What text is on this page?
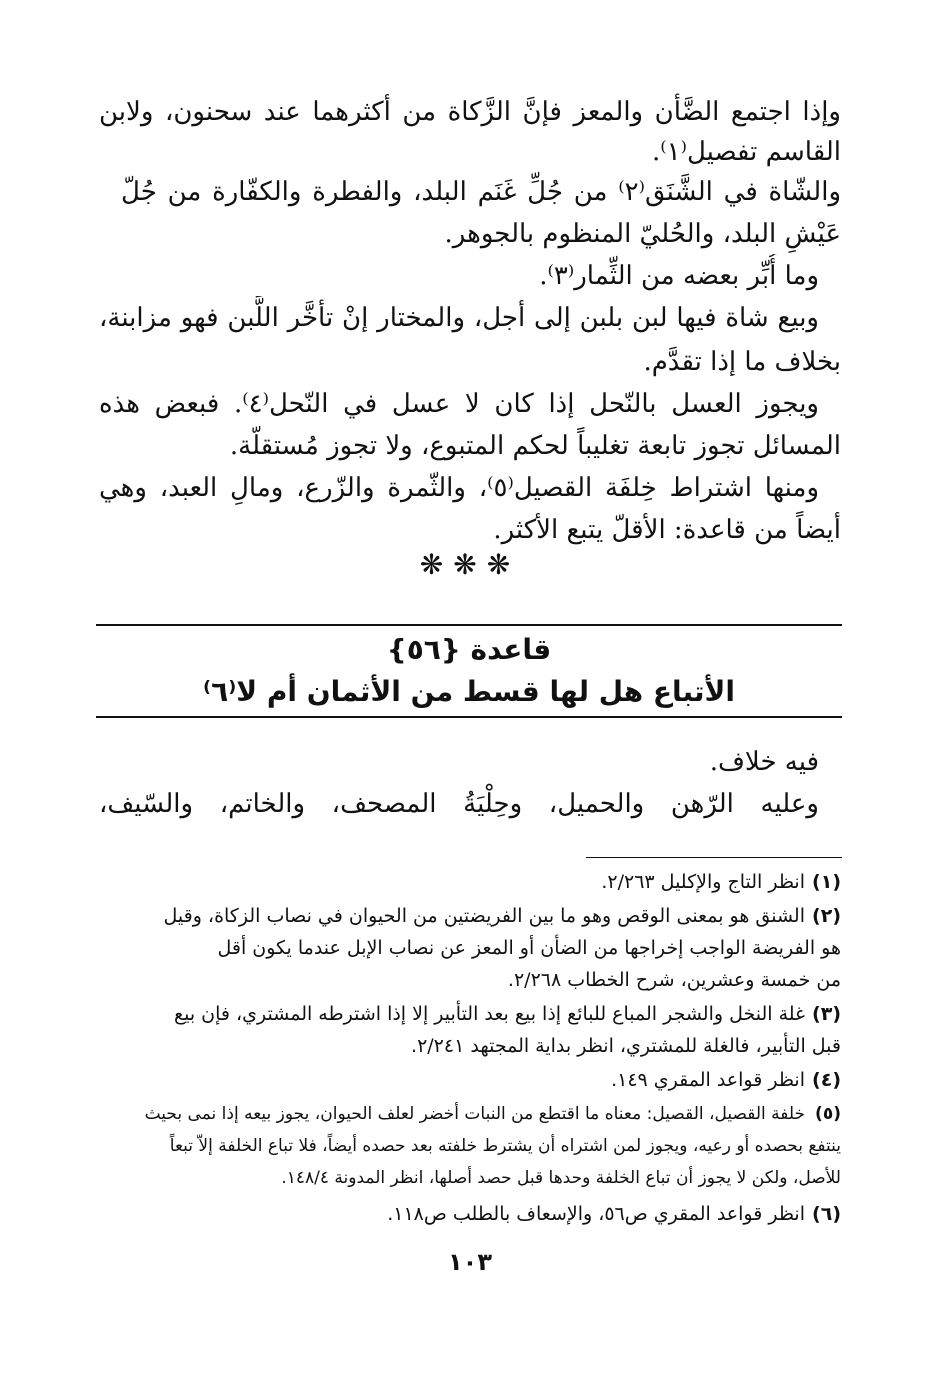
وإذا اجتمع الضَّأن والمعز فإنَّ الزَّكاة من أكثرهما عند سحنون، ولابن
القاسم تفصيل⁽١⁾.
والشّاة في الشَّنَق⁽٢⁾ من جُلِّ غَنَم البلد، والفطرة والكفّارة من جُلّ
عَيْشِ البلد، والحُليّ المنظوم بالجوهر.
وما أُبِّر بعضه من الثِّمار⁽٣⁾.
وبيع شاة فيها لبن بلبن إلى أجل، والمختار إنْ تأخَّر اللَّبن فهو مزابنة،
بخلاف ما إذا تقدَّم.
ويجوز العسل بالنّحل إذا كان لا عسل في النّحل⁽٤⁾. فبعض هذه
المسائل تجوز تابعة تغليباً لحكم المتبوع، ولا تجوز مُستقلّة.
ومنها اشتراط خِلفَة القصيل⁽٥⁾، والثّمرة والزّرع، ومالِ العبد، وهي
أيضاً من قاعدة: الأقلّ يتبع الأكثر.
❋❋❋
قاعدة {٥٦}
الأتباع هل لها قسط من الأثمان أم لا⁽٦⁾
فيه خلاف.
وعليه الرّهن والحميل، وحِلْيَةُ المصحف، والخاتم، والسّيف،
(١)انظر التاج والإكليل ٢/٢٦٣.
(٢)الشنق هو بمعنى الوقص وهو ما بين الفريضتين من الحيوان في نصاب الزكاة، وقيل
هو الفريضة الواجب إخراجها من الضأن أو المعز عن نصاب الإبل عندما يكون أقل
من خمسة وعشرين، شرح الخطاب ٢/٢٦٨.
(٣)غلة النخل والشجر المباع للبائع إذا بيع بعد التأبير إلا إذا اشترطه المشتري، فإن بيع
قبل التأبير، فالغلة للمشتري، انظر بداية المجتهد ٢/٢٤١.
(٤)انظر قواعد المقري ١٤٩.
(٥)خلفة القصيل، القصيل: معناه ما اقتطع من النبات أخضر لعلف الحيوان، يجوز بيعه إذا نمى بحيث
ينتفع بحصده أو رعيه، ويجوز لمن اشتراه أن يشترط خلفته بعد حصده أيضاً، فلا تباع الخلفة إلاّ تبعاً
للأصل، ولكن لا يجوز أن تباع الخلفة وحدها قبل حصد أصلها، انظر المدونة ١٤٨/٤.
(٦)انظر قواعد المقري ص٥٦، والإسعاف بالطلب ص١١٨.
١٠٣
